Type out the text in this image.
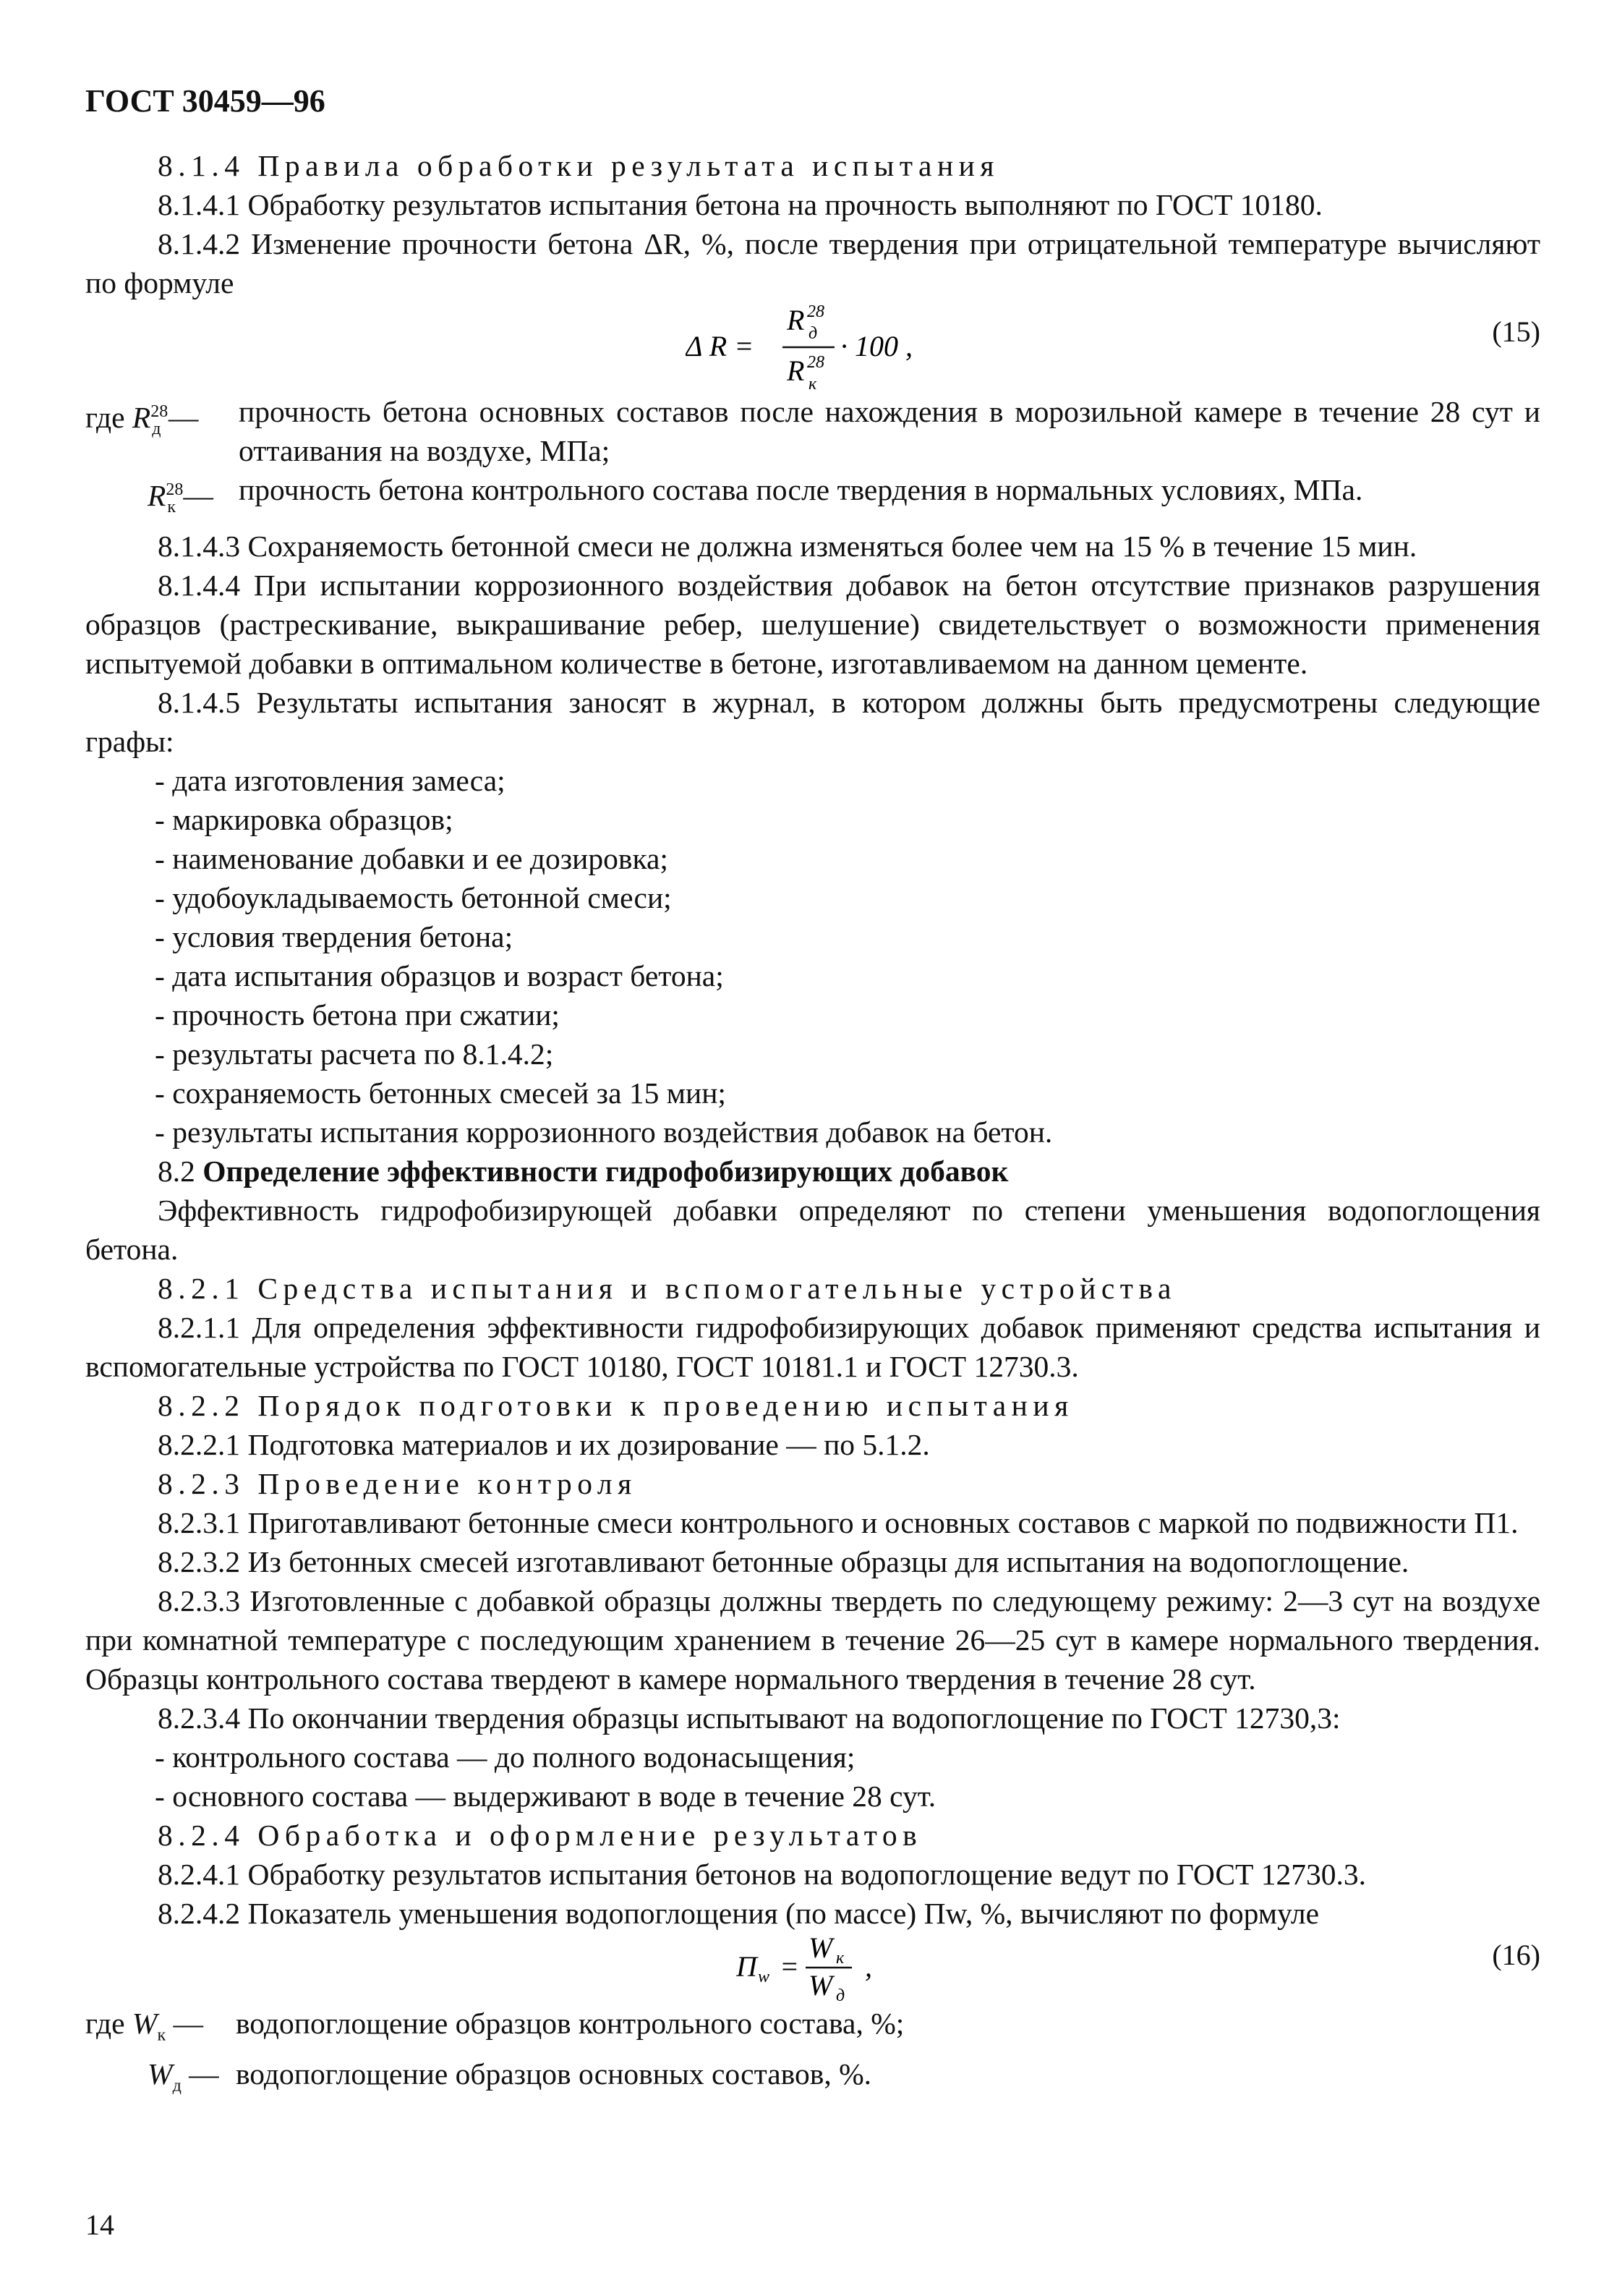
ГОСТ 30459—96

8.1.4 Правила обработки результата испытания

8.1.4.1 Обработку результатов испытания бетона на прочность выполняют по ГОСТ 10180.

8.1.4.2 Изменение прочности бетона ΔR, %, после твердения при отрицательной температуре вычисляют по формуле

Δ R =
R 28
д
R 28
к
· 100 ,	(15)
где $R^{28}_д$ —	прочность бетона основных составов после нахождения в морозильной камере в течение 28 сут и оттаивания на воздухе, МПа;
$R^{28}_к$ — прочность бетона контрольного состава после твердения в нормальных условиях, МПа.

8.1.4.3 Сохраняемость бетонной смеси не должна изменяться более чем на 15 % в течение 15 мин.

8.1.4.4 При испытании коррозионного воздействия добавок на бетон отсутствие признаков разрушения образцов (растрескивание, выкрашивание ребер, шелушение) свидетельствует о возможности применения испытуемой добавки в оптимальном количестве в бетоне, изготавливаемом на данном цементе.

8.1.4.5 Результаты испытания заносят в журнал, в котором должны быть предусмотрены следующие графы:

- дата изготовления замеса;

- маркировка образцов;

- наименование добавки и ее дозировка;

- удобоукладываемость бетонной смеси;

- условия твердения бетона;

- дата испытания образцов и возраст бетона;

- прочность бетона при сжатии;

- результаты расчета по 8.1.4.2;

- сохраняемость бетонных смесей за 15 мин;

- результаты испытания коррозионного воздействия добавок на бетон.

8.2 Определение эффективности гидрофобизирующих добавок

Эффективность гидрофобизирующей добавки определяют по степени уменьшения водопоглощения бетона.

8.2.1 Средства испытания и вспомогательные устройства

8.2.1.1 Для определения эффективности гидрофобизирующих добавок применяют средства испытания и вспомогательные устройства по ГОСТ 10180, ГОСТ 10181.1 и ГОСТ 12730.3.

8.2.2 Порядок подготовки к проведению испытания

8.2.2.1 Подготовка материалов и их дозирование — по 5.1.2.

8.2.3 Проведение контроля

8.2.3.1 Приготавливают бетонные смеси контрольного и основных составов с маркой по подвижности П1.

8.2.3.2 Из бетонных смесей изготавливают бетонные образцы для испытания на водопоглощение.

8.2.3.3 Изготовленные с добавкой образцы должны твердеть по следующему режиму: 2—3 сут на воздухе при комнатной температуре с последующим хранением в течение 26—25 сут в камере нормального твердения. Образцы контрольного состава твердеют в камере нормального твердения в течение 28 сут.

8.2.3.4 По окончании твердения образцы испытывают на водопоглощение по ГОСТ 12730,3:

- контрольного состава — до полного водонасыщения;

- основного состава — выдерживают в воде в течение 28 сут.

8.2.4 Обработка и оформление результатов

8.2.4.1 Обработку результатов испытания бетонов на водопоглощение ведут по ГОСТ 12730.3.

8.2.4.2 Показатель уменьшения водопоглощения (по массе) Пw, %, вычисляют по формуле

П w =
W к
W д
,	(16)
где $W_к$ —	водопоглощение образцов контрольного состава, %;
$W_д$ — водопоглощение образцов основных составов, %.
14
